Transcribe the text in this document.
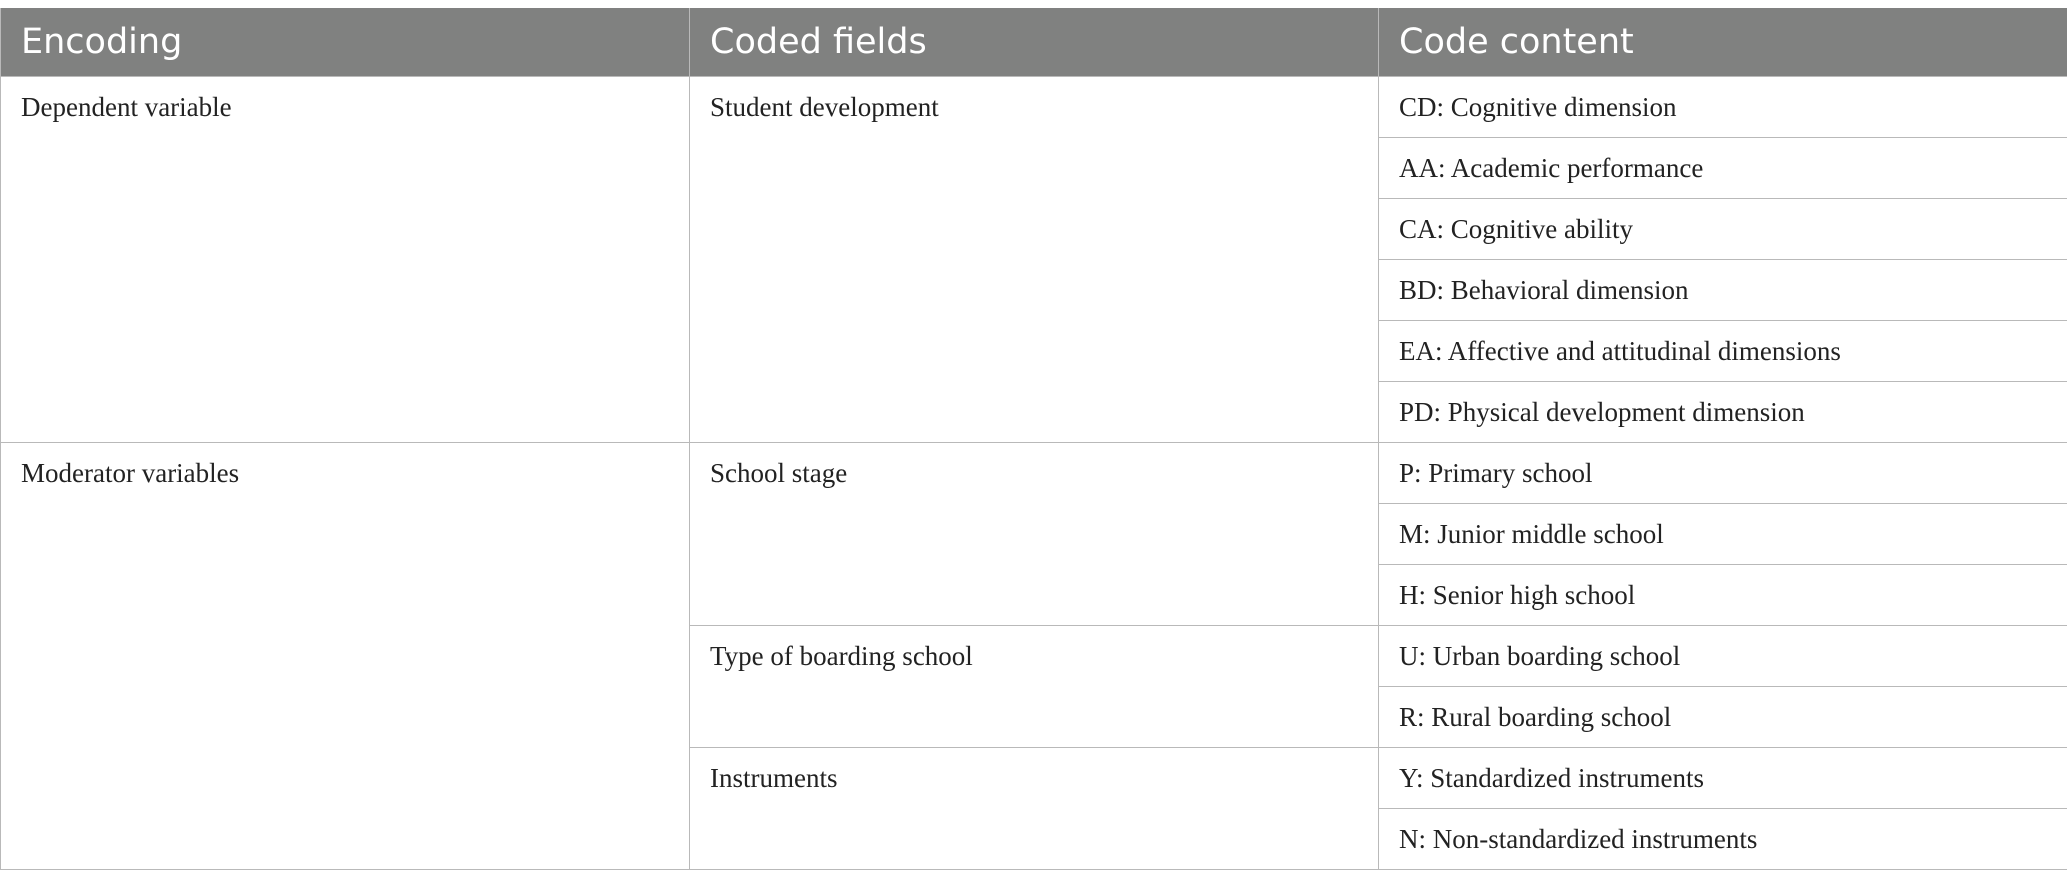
Encoding	Coded fields	Code content
Dependent variable	Student development	CD: Cognitive dimension
		AA: Academic performance
		CA: Cognitive ability
		BD: Behavioral dimension
		EA: Affective and attitudinal dimensions
		PD: Physical development dimension
Moderator variables	School stage	P: Primary school
		M: Junior middle school
		H: Senior high school
	Type of boarding school	U: Urban boarding school
		R: Rural boarding school
	Instruments	Y: Standardized instruments
		N: Non-standardized instruments
